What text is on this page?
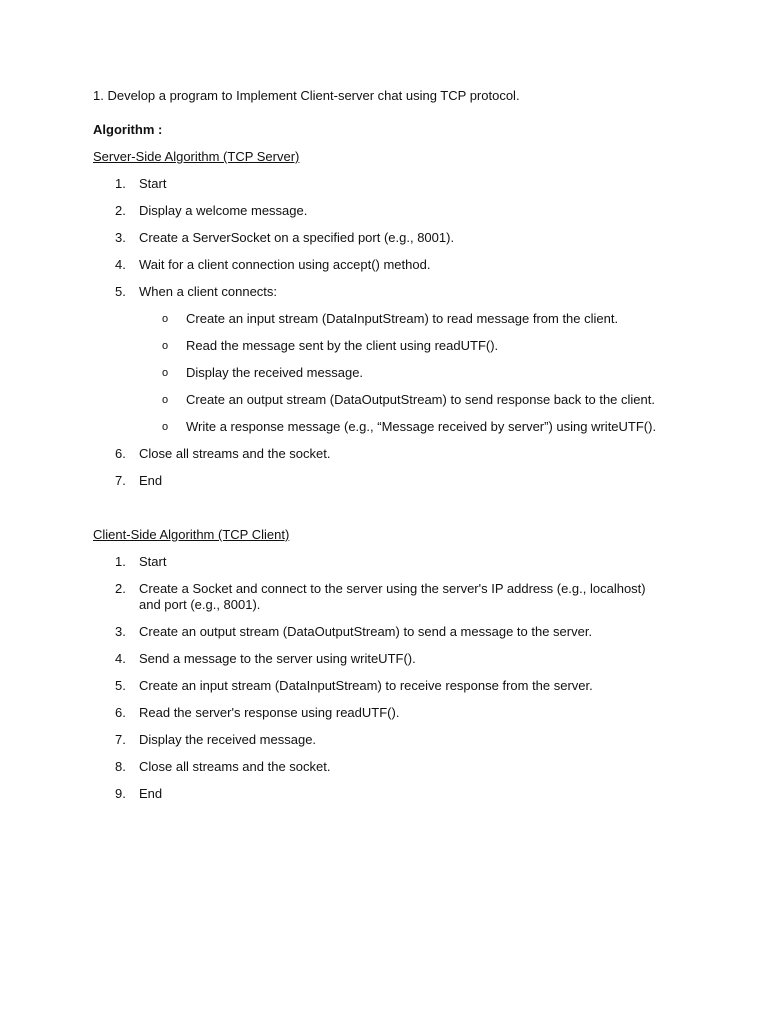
1. Develop a program to Implement Client-server chat using TCP protocol.

Algorithm :

Server-Side Algorithm (TCP Server)

1. Start
2. Display a welcome message.
3. Create a ServerSocket on a specified port (e.g., 8001).
4. Wait for a client connection using accept() method.
5. When a client connects:
o Create an input stream (DataInputStream) to read message from the client.
o Read the message sent by the client using readUTF().
o Display the received message.
o Create an output stream (DataOutputStream) to send response back to the client.
o Write a response message (e.g., “Message received by server”) using writeUTF().
6. Close all streams and the socket.
7. End

Client-Side Algorithm (TCP Client)

1. Start
2. Create a Socket and connect to the server using the server's IP address (e.g., localhost) and port (e.g., 8001).
3. Create an output stream (DataOutputStream) to send a message to the server.
4. Send a message to the server using writeUTF().
5. Create an input stream (DataInputStream) to receive response from the server.
6. Read the server's response using readUTF().
7. Display the received message.
8. Close all streams and the socket.
9. End
